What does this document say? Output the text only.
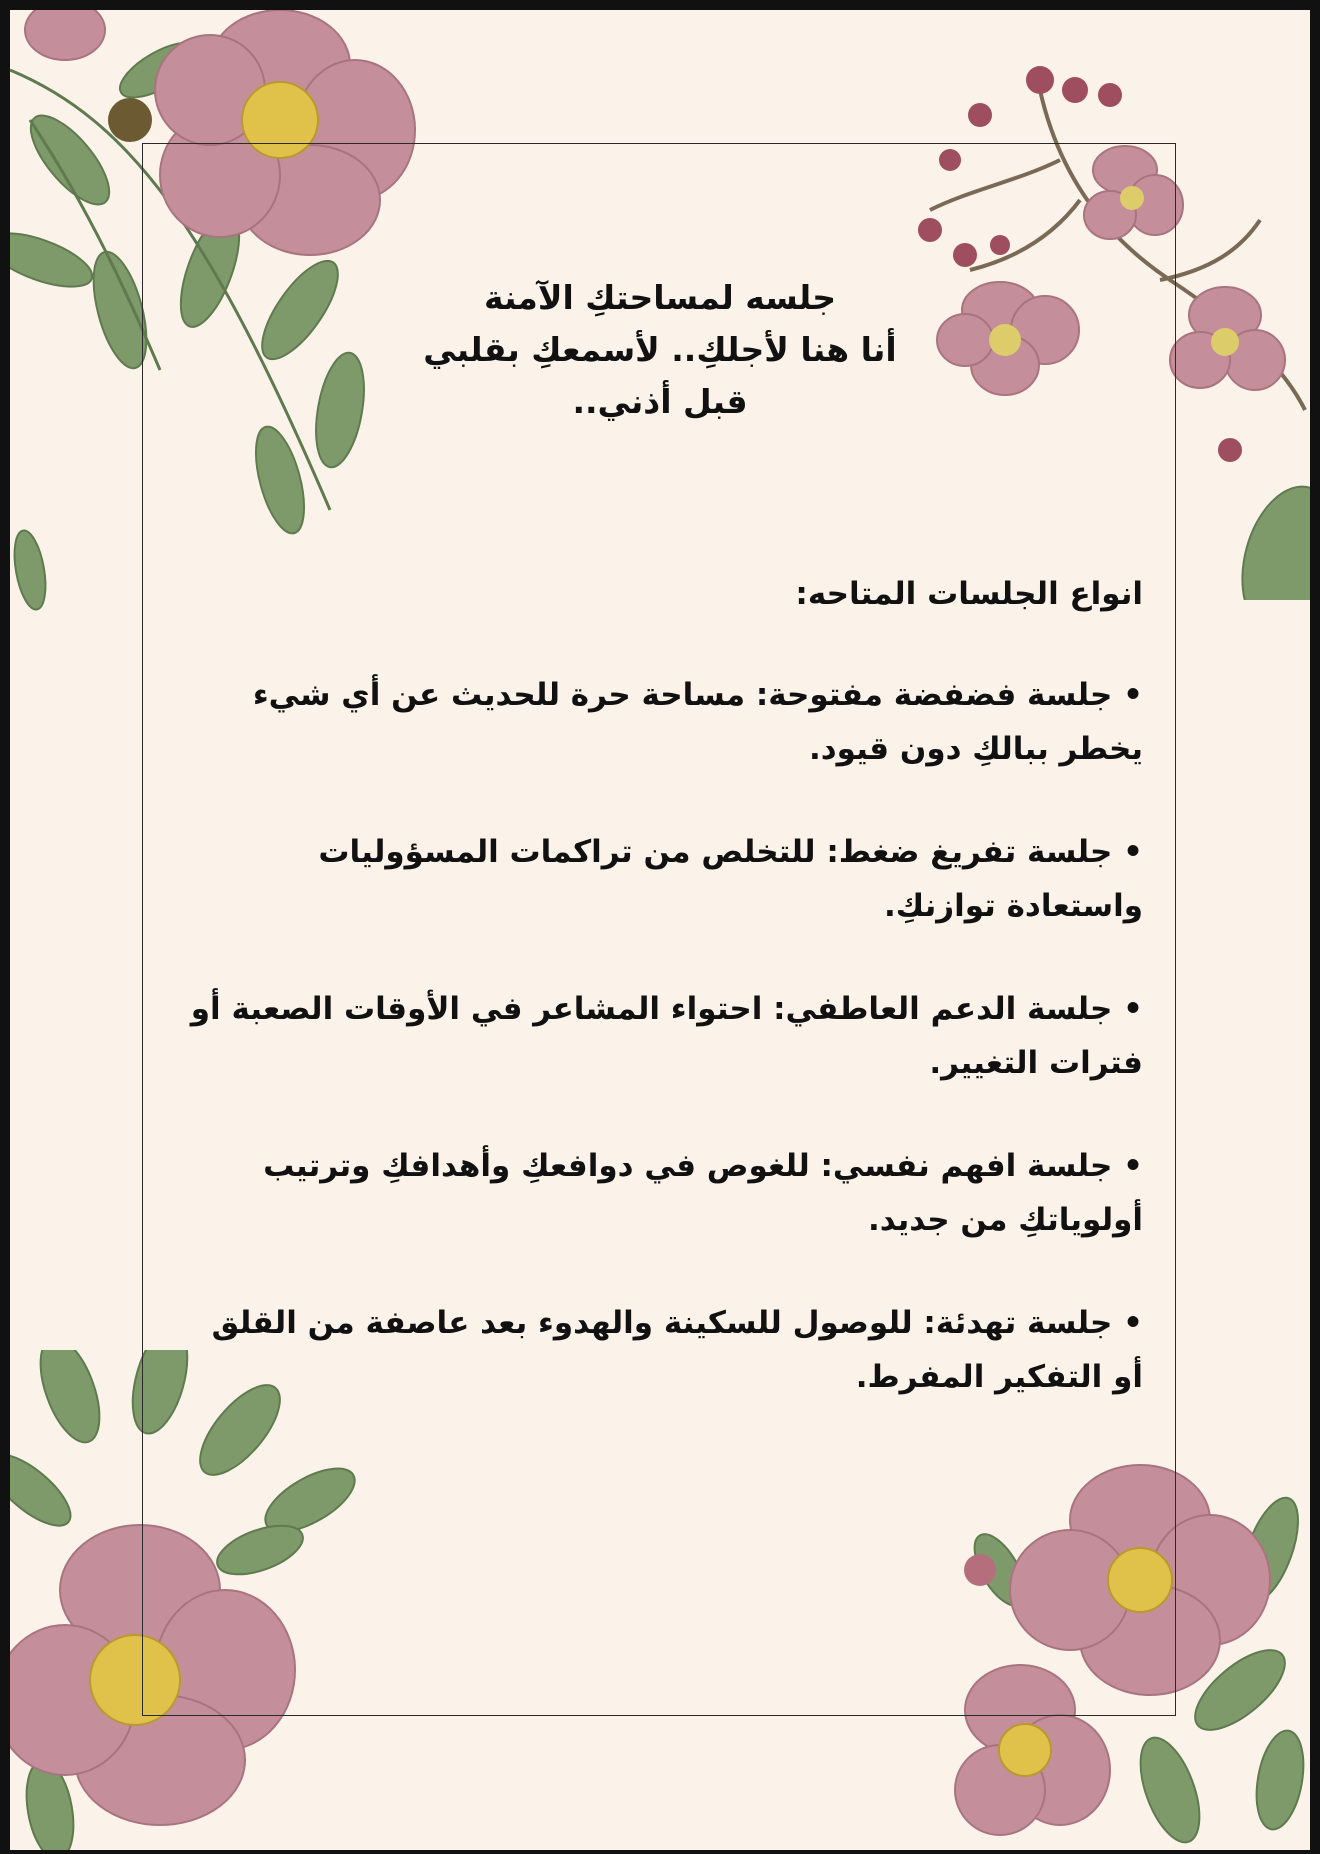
جلسه لمساحتكِ الآمنة
أنا هنا لأجلكِ.. لأسمعكِ بقلبي
قبل أذني..
انواع الجلسات المتاحه:
• جلسة فضفضة مفتوحة: مساحة حرة للحديث عن أي شيء
يخطر ببالكِ دون قيود.
• جلسة تفريغ ضغط: للتخلص من تراكمات المسؤوليات
واستعادة توازنكِ.
• جلسة الدعم العاطفي: احتواء المشاعر في الأوقات الصعبة أو
فترات التغيير.
• جلسة افهم نفسي: للغوص في دوافعكِ وأهدافكِ وترتيب
أولوياتكِ من جديد.
• جلسة تهدئة: للوصول للسكينة والهدوء بعد عاصفة من القلق
أو التفكير المفرط.
